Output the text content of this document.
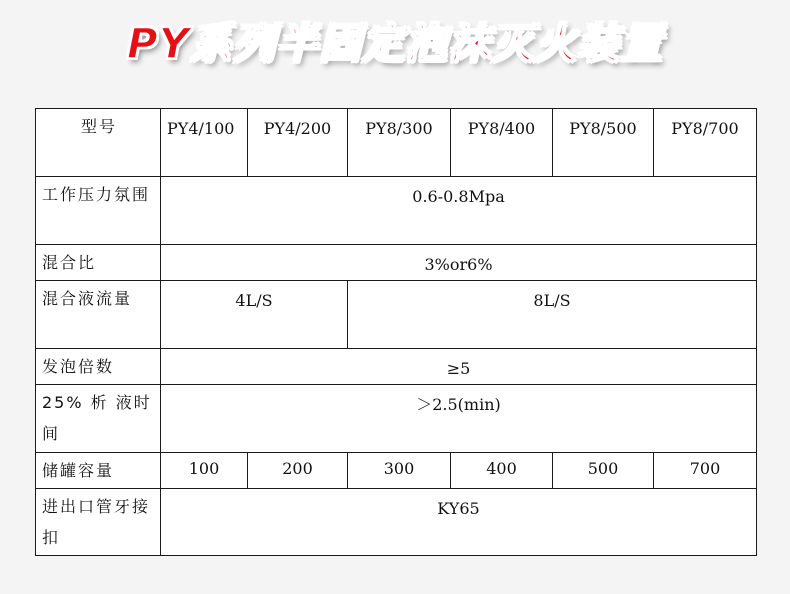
PY系列半固定泡沫灭火装置
型号	PY4/100	PY4/200	PY8/300	PY8/400	PY8/500	PY8/700
工作压力氛围	0.6-0.8Mpa					
混合比	3%or6%					
混合液流量	4L/S		8L/S			
发泡倍数	≥5					
25% 析 液时间	＞2.5(min)					
储罐容量	100	200	300	400	500	700
进出口管牙接扣	KY65					
